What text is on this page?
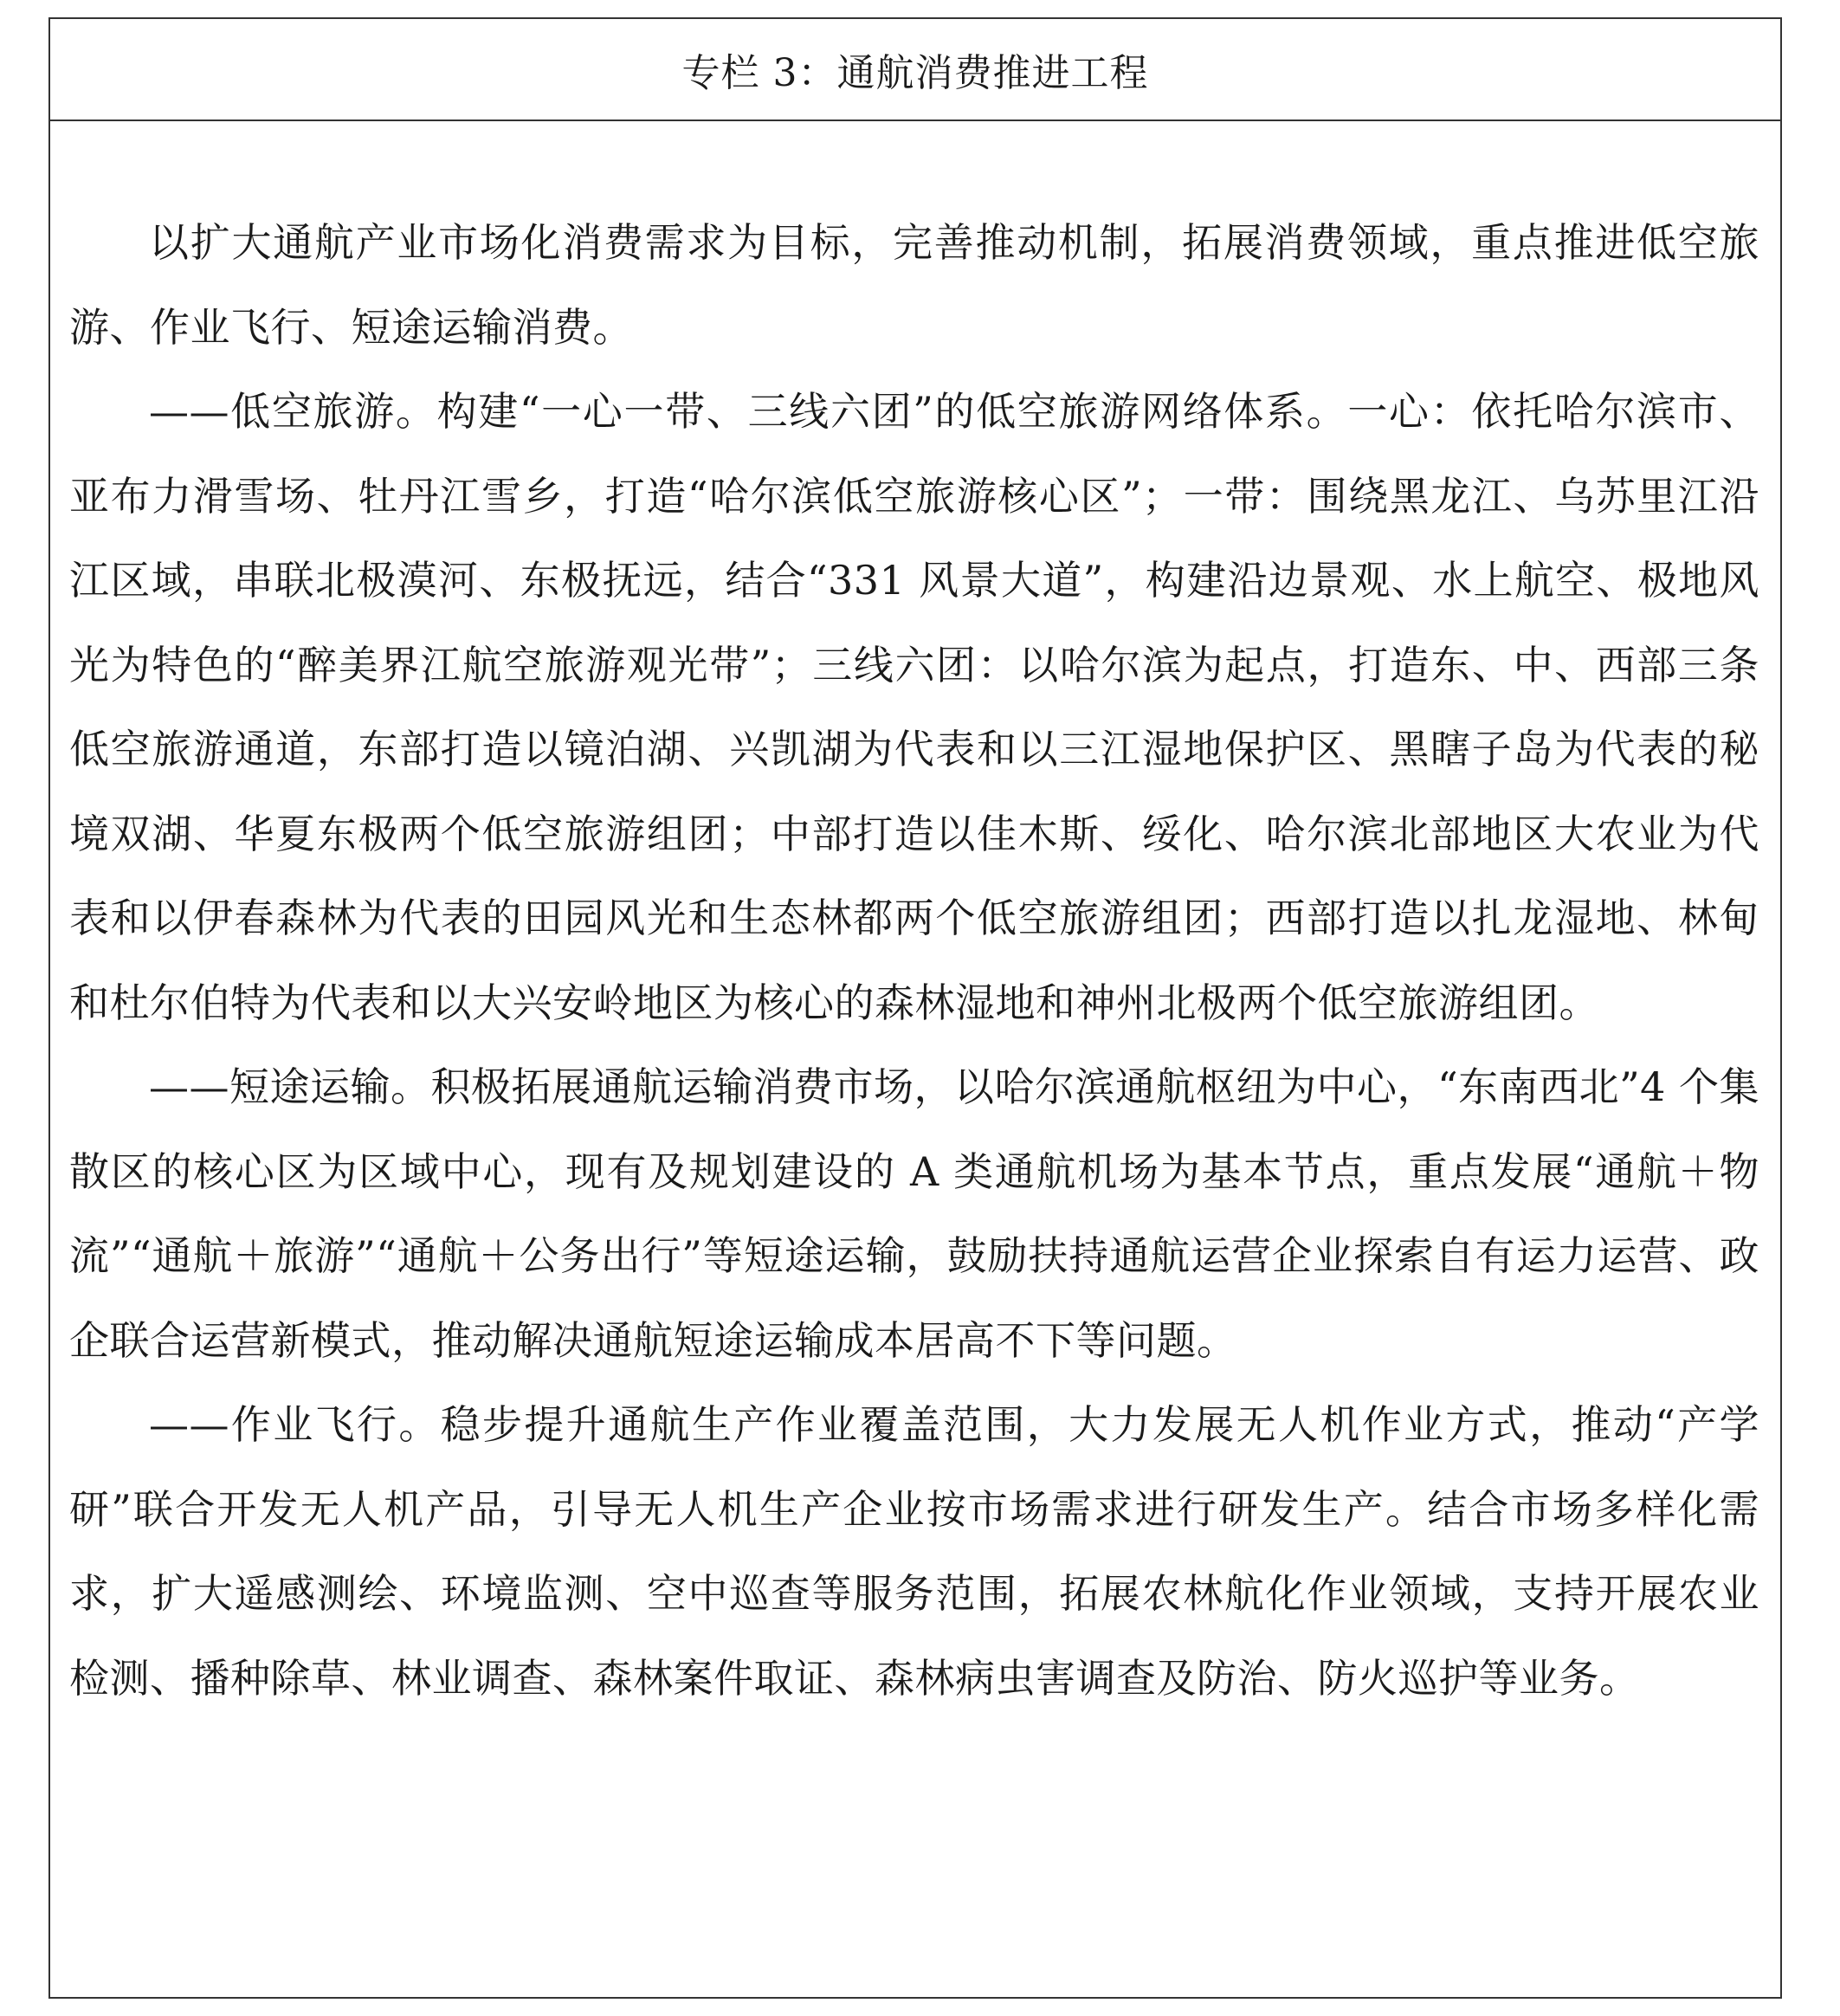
专栏 3：通航消费推进工程

以扩大通航产业市场化消费需求为目标，完善推动机制，拓展消费领域，重点推进低空旅游、作业飞行、短途运输消费。

——低空旅游。构建“一心一带、三线六团”的低空旅游网络体系。一心：依托哈尔滨市、亚布力滑雪场、牡丹江雪乡，打造“哈尔滨低空旅游核心区”；一带：围绕黑龙江、乌苏里江沿江区域，串联北极漠河、东极抚远，结合“331 风景大道”，构建沿边景观、水上航空、极地风光为特色的“醉美界江航空旅游观光带”；三线六团：以哈尔滨为起点，打造东、中、西部三条低空旅游通道，东部打造以镜泊湖、兴凯湖为代表和以三江湿地保护区、黑瞎子岛为代表的秘境双湖、华夏东极两个低空旅游组团；中部打造以佳木斯、绥化、哈尔滨北部地区大农业为代表和以伊春森林为代表的田园风光和生态林都两个低空旅游组团；西部打造以扎龙湿地、林甸和杜尔伯特为代表和以大兴安岭地区为核心的森林湿地和神州北极两个低空旅游组团。

——短途运输。积极拓展通航运输消费市场，以哈尔滨通航枢纽为中心，“东南西北”4 个集散区的核心区为区域中心，现有及规划建设的 A 类通航机场为基本节点，重点发展“通航＋物流”“通航＋旅游”“通航＋公务出行”等短途运输，鼓励扶持通航运营企业探索自有运力运营、政企联合运营新模式，推动解决通航短途运输成本居高不下等问题。

——作业飞行。稳步提升通航生产作业覆盖范围，大力发展无人机作业方式，推动“产学研”联合开发无人机产品，引导无人机生产企业按市场需求进行研发生产。结合市场多样化需求，扩大遥感测绘、环境监测、空中巡查等服务范围，拓展农林航化作业领域，支持开展农业检测、播种除草、林业调查、森林案件取证、森林病虫害调查及防治、防火巡护等业务。
